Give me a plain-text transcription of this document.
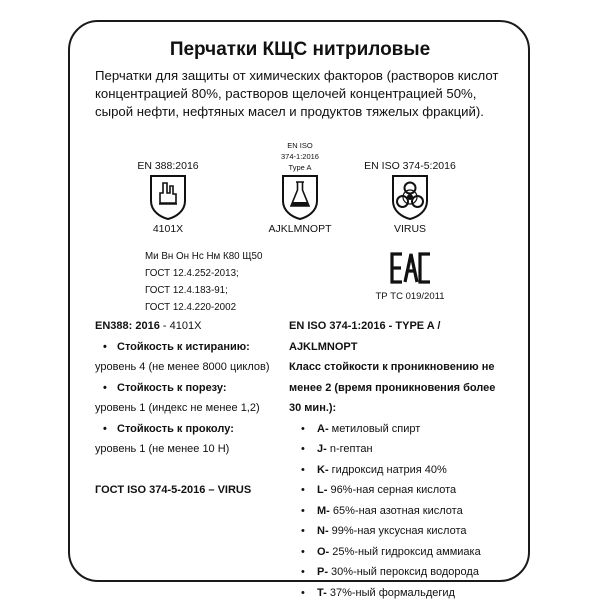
Перчатки КЩС нитриловые
Перчатки для защиты от химических факторов (растворов кислот концентрацией 80%, растворов щелочей концентрацией 50%, сырой нефти, нефтяных масел и продуктов тяжелых фракций).
EN 388:2016
4101X
EN ISO
374-1:2016
Type A
AJKLMNOPT
EN ISO 374-5:2016
VIRUS
Ми Вн Он Нс Нм К80 Щ50
ГОСТ 12.4.252-2013;
ГОСТ 12.4.183-91;
ГОСТ 12.4.220-2002
ТР ТС 019/2011
EN388: 2016 - 4101X
• Стойкость к истиранию:
уровень 4 (не менее 8000 циклов)
• Стойкость к порезу:
уровень 1 (индекс не менее 1,2)
• Стойкость к проколу:
уровень 1 (не менее 10 Н)
ГОСТ ISO 374-5-2016 – VIRUS
EN ISO 374-1:2016 - TYPE A / AJKLMNOPT
Класс стойкости к проникновению не менее 2 (время проникновения более 30 мин.):
• A- метиловый спирт
• J- n-гептан
• K- гидроксид натрия 40%
• L- 96%-ная серная кислота
• M- 65%-ная азотная кислота
• N- 99%-ная уксусная кислота
• O- 25%-ный гидроксид аммиака
• P- 30%-ный пероксид водорода
• T- 37%-ный формальдегид
